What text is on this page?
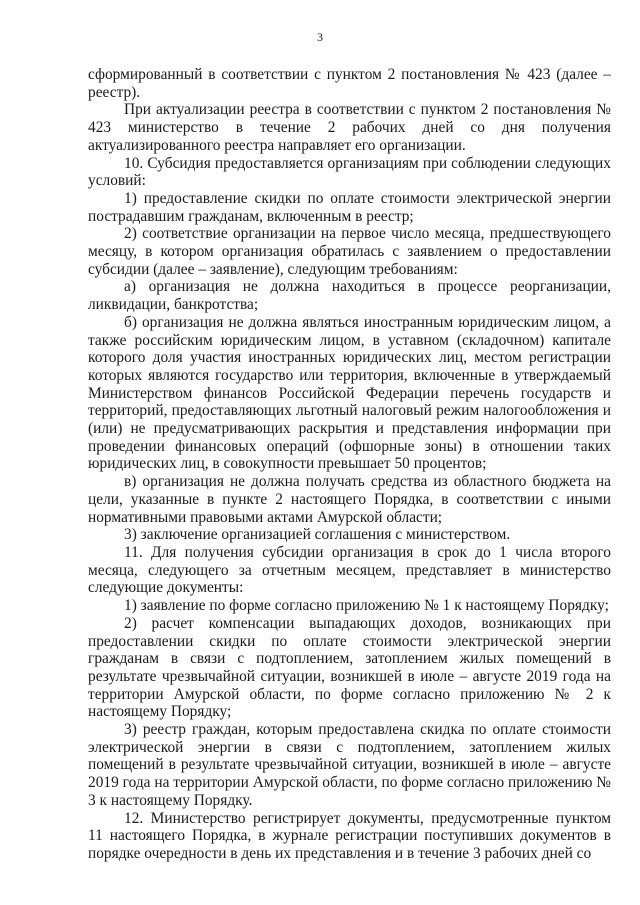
3

сформированный в соответствии с пунктом 2 постановления № 423 (далее – реестр).

При актуализации реестра в соответствии с пунктом 2 постановления № 423 министерство в течение 2 рабочих дней со дня получения актуализированного реестра направляет его организации.

10. Субсидия предоставляется организациям при соблюдении следующих условий:

1) предоставление скидки по оплате стоимости электрической энергии пострадавшим гражданам, включенным в реестр;

2) соответствие организации на первое число месяца, предшествующего месяцу, в котором организация обратилась с заявлением о предоставлении субсидии (далее – заявление), следующим требованиям:

а) организация не должна находиться в процессе реорганизации, ликвидации, банкротства;

б) организация не должна являться иностранным юридическим лицом, а также российским юридическим лицом, в уставном (складочном) капитале которого доля участия иностранных юридических лиц, местом регистрации которых являются государство или территория, включенные в утверждаемый Министерством финансов Российской Федерации перечень государств и территорий, предоставляющих льготный налоговый режим налогообложения и (или) не предусматривающих раскрытия и представления информации при проведении финансовых операций (офшорные зоны) в отношении таких юридических лиц, в совокупности превышает 50 процентов;

в) организация не должна получать средства из областного бюджета на цели, указанные в пункте 2 настоящего Порядка, в соответствии с иными нормативными правовыми актами Амурской области;

3) заключение организацией соглашения с министерством.

11. Для получения субсидии организация в срок до 1 числа второго месяца, следующего за отчетным месяцем, представляет в министерство следующие документы:

1) заявление по форме согласно приложению № 1 к настоящему Порядку;

2) расчет компенсации выпадающих доходов, возникающих при предоставлении скидки по оплате стоимости электрической энергии гражданам в связи с подтоплением, затоплением жилых помещений в результате чрезвычайной ситуации, возникшей в июле – августе 2019 года на территории Амурской области, по форме согласно приложению № 2 к настоящему Порядку;

3) реестр граждан, которым предоставлена скидка по оплате стоимости электрической энергии в связи с подтоплением, затоплением жилых помещений в результате чрезвычайной ситуации, возникшей в июле – августе 2019 года на территории Амурской области, по форме согласно приложению № 3 к настоящему Порядку.

12. Министерство регистрирует документы, предусмотренные пунктом 11 настоящего Порядка, в журнале регистрации поступивших документов в порядке очередности в день их представления и в течение 3 рабочих дней со
